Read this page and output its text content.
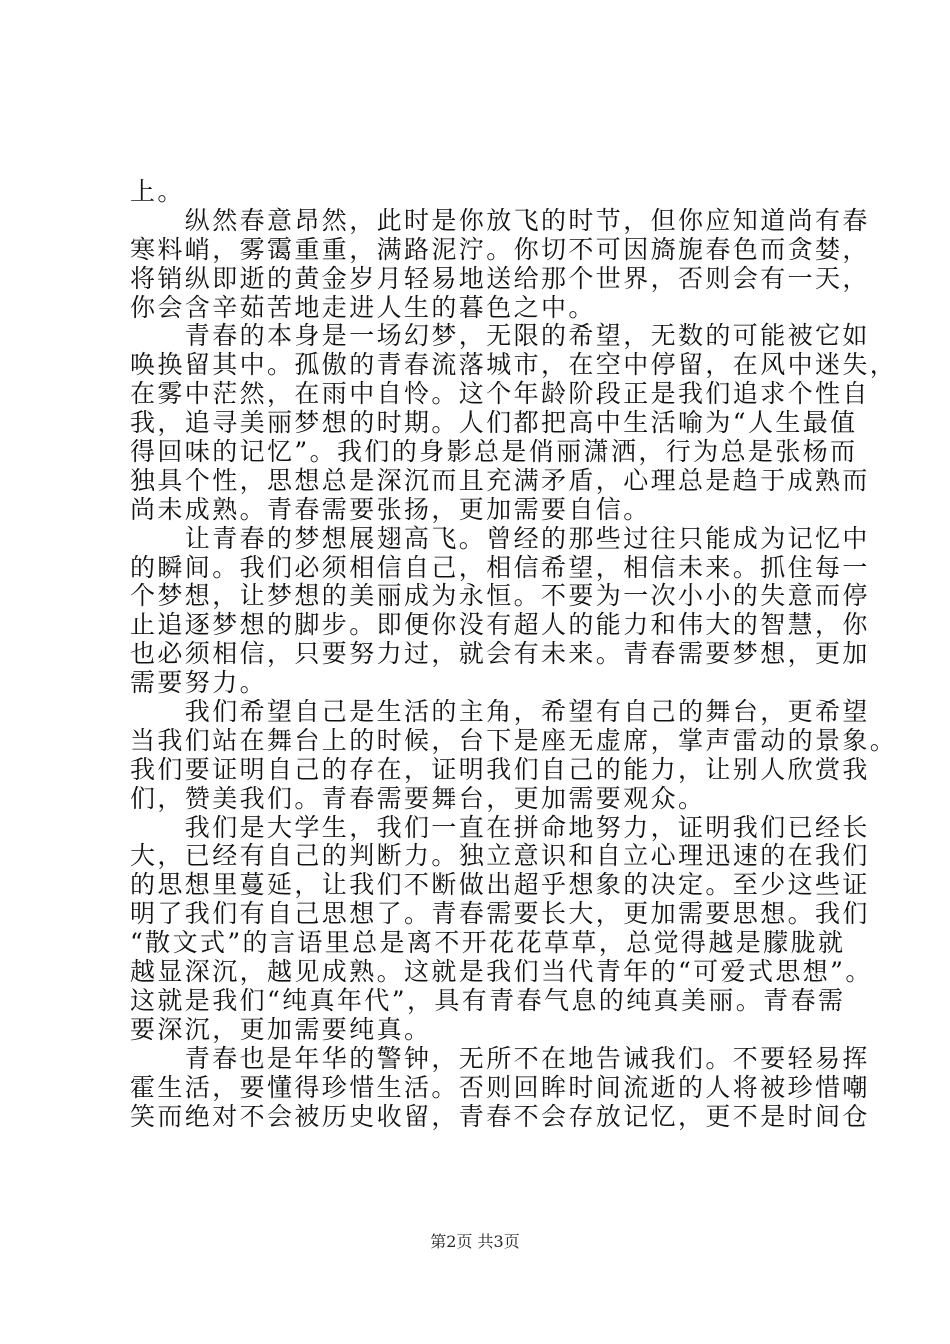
上。
　　纵然春意昂然，此时是你放飞的时节，但你应知道尚有春
寒料峭，雾霭重重，满路泥泞。你切不可因旖旎春色而贪婪，
将销纵即逝的黄金岁月轻易地送给那个世界，否则会有一天，
你会含辛茹苦地走进人生的暮色之中。
　　青春的本身是一场幻梦，无限的希望，无数的可能被它如
唤换留其中。孤傲的青春流落城市，在空中停留，在风中迷失，
在雾中茫然，在雨中自怜。这个年龄阶段正是我们追求个性自
我，追寻美丽梦想的时期。人们都把高中生活喻为“人生最值
得回味的记忆”。我们的身影总是俏丽潇洒，行为总是张杨而
独具个性，思想总是深沉而且充满矛盾，心理总是趋于成熟而
尚未成熟。青春需要张扬，更加需要自信。
　　让青春的梦想展翅高飞。曾经的那些过往只能成为记忆中
的瞬间。我们必须相信自己，相信希望，相信未来。抓住每一
个梦想，让梦想的美丽成为永恒。不要为一次小小的失意而停
止追逐梦想的脚步。即便你没有超人的能力和伟大的智慧，你
也必须相信，只要努力过，就会有未来。青春需要梦想，更加
需要努力。
　　我们希望自己是生活的主角，希望有自己的舞台，更希望
当我们站在舞台上的时候，台下是座无虚席，掌声雷动的景象。
我们要证明自己的存在，证明我们自己的能力，让别人欣赏我
们，赞美我们。青春需要舞台，更加需要观众。
　　我们是大学生，我们一直在拼命地努力，证明我们已经长
大，已经有自己的判断力。独立意识和自立心理迅速的在我们
的思想里蔓延，让我们不断做出超乎想象的决定。至少这些证
明了我们有自己思想了。青春需要长大，更加需要思想。我们
“散文式”的言语里总是离不开花花草草，总觉得越是朦胧就
越显深沉，越见成熟。这就是我们当代青年的“可爱式思想”。
这就是我们“纯真年代”，具有青春气息的纯真美丽。青春需
要深沉，更加需要纯真。
　　青春也是年华的警钟，无所不在地告诫我们。不要轻易挥
霍生活，要懂得珍惜生活。否则回眸时间流逝的人将被珍惜嘲
笑而绝对不会被历史收留，青春不会存放记忆，更不是时间仓
第2页 共3页
